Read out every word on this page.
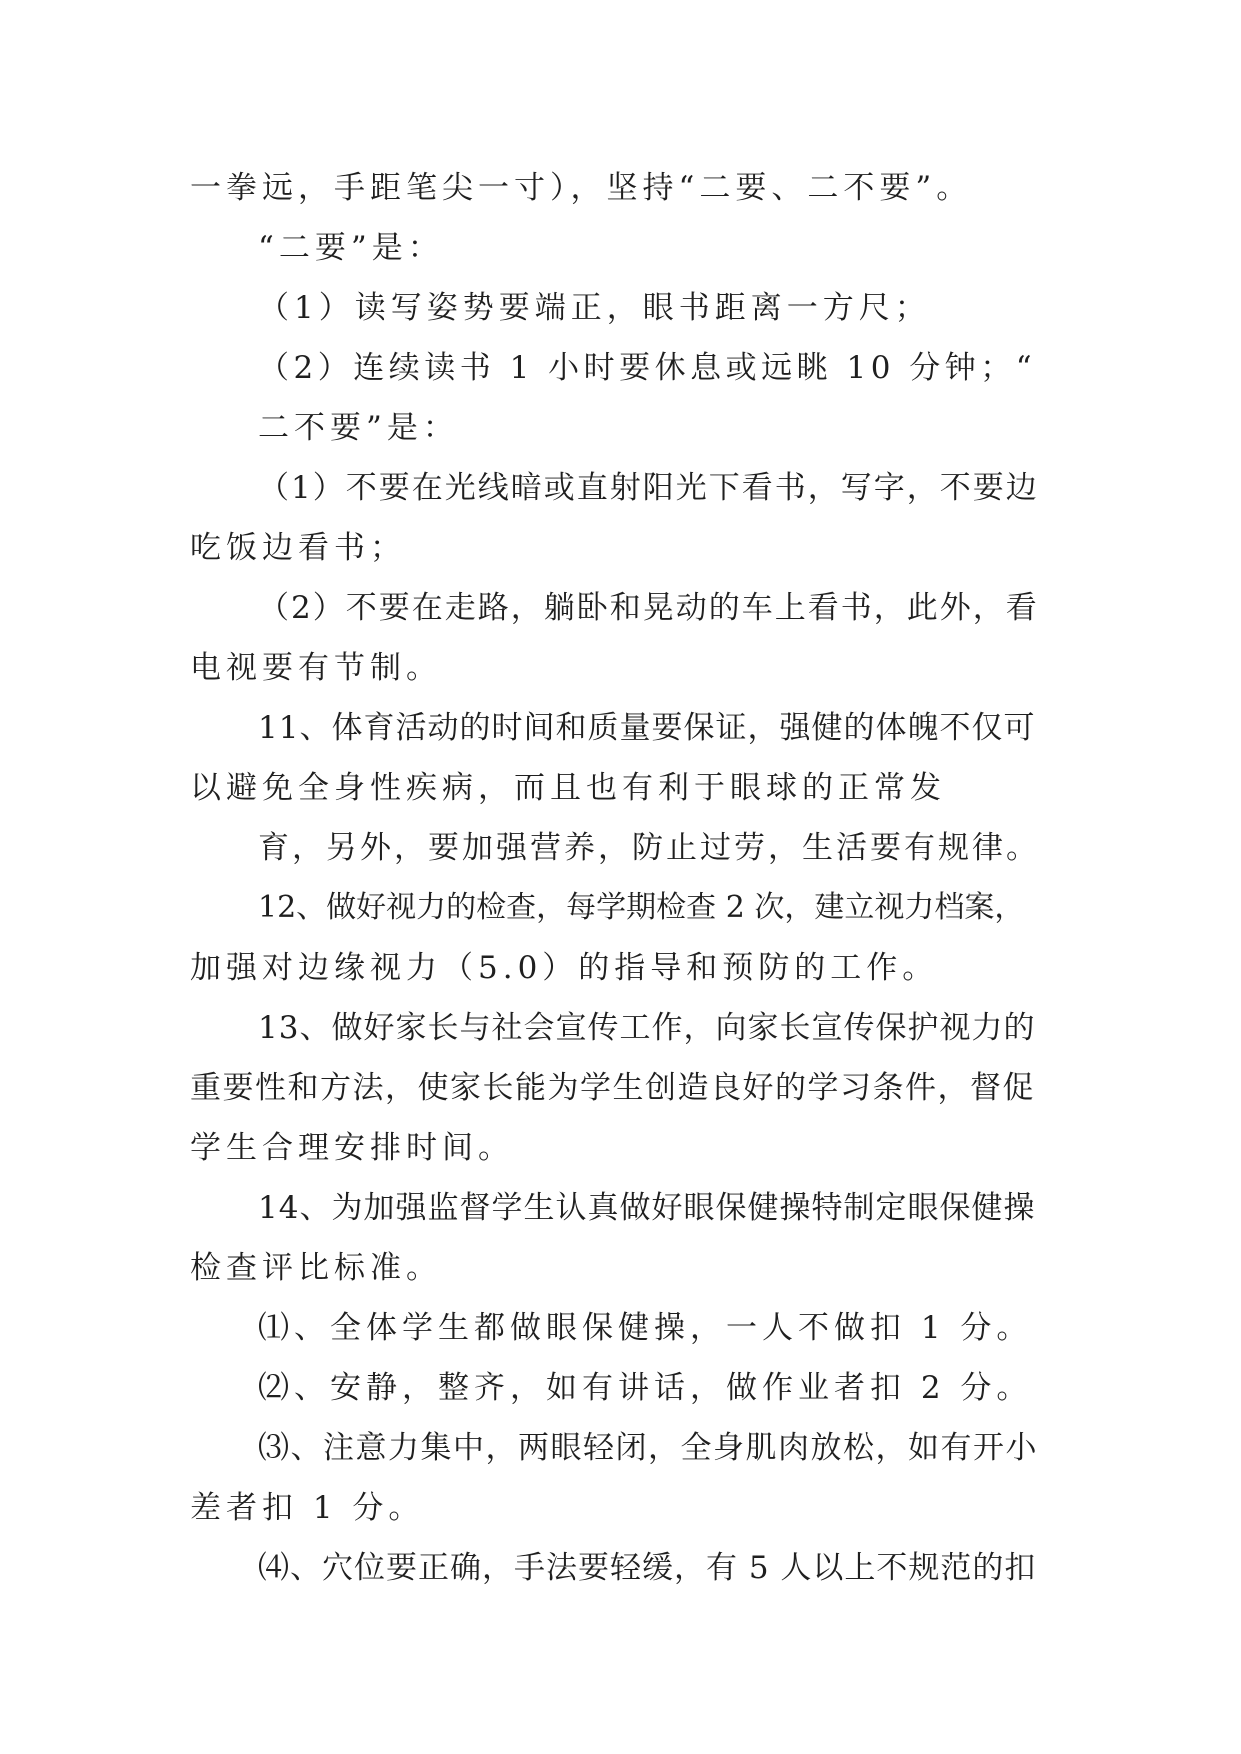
一拳远，手距笔尖一寸），坚持“二要、二不要”。
“二要”是：
（1）读写姿势要端正，眼书距离一方尺；
（2）连续读书 1 小时要休息或远眺 10 分钟；“
二不要”是：
（1）不要在光线暗或直射阳光下看书，写字，不要边
吃饭边看书；
（2）不要在走路，躺卧和晃动的车上看书，此外，看
电视要有节制。
11、体育活动的时间和质量要保证，强健的体魄不仅可
以避免全身性疾病，而且也有利于眼球的正常发
育，另外，要加强营养，防止过劳，生活要有规律。
12、做好视力的检查，每学期检查 2 次，建立视力档案，
加强对边缘视力（5.0）的指导和预防的工作。
13、做好家长与社会宣传工作，向家长宣传保护视力的
重要性和方法，使家长能为学生创造良好的学习条件，督促
学生合理安排时间。
14、为加强监督学生认真做好眼保健操特制定眼保健操
检查评比标准。
⑴、全体学生都做眼保健操，一人不做扣 1 分。
⑵、安静，整齐，如有讲话，做作业者扣 2 分。
⑶、注意力集中，两眼轻闭，全身肌肉放松，如有开小
差者扣 1 分。
⑷、穴位要正确，手法要轻缓，有 5 人以上不规范的扣
